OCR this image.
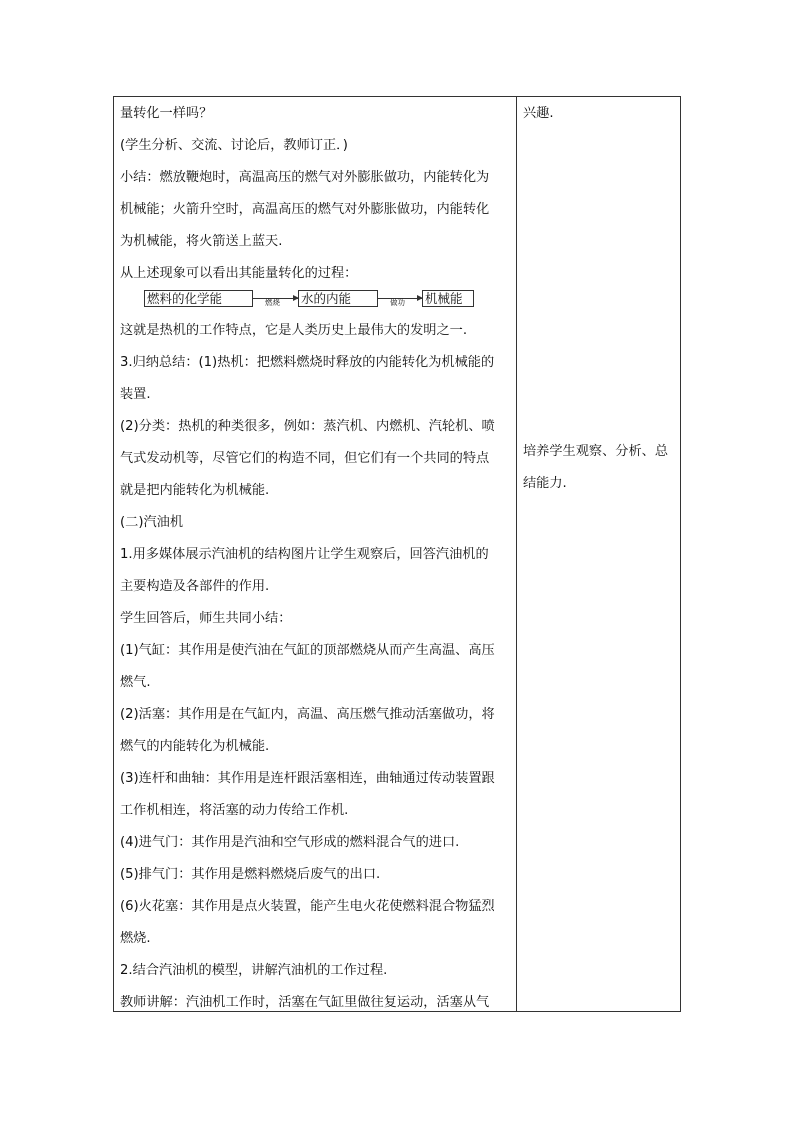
量转化一样吗？
(学生分析、交流、讨论后，教师订正．)
小结：燃放鞭炮时，高温高压的燃气对外膨胀做功，内能转化为
机械能；火箭升空时，高温高压的燃气对外膨胀做功，内能转化
为机械能，将火箭送上蓝天.
从上述现象可以看出其能量转化的过程：
燃料的化学能	燃烧 水的内能	做功 机械能
这就是热机的工作特点，它是人类历史上最伟大的发明之一.
3.归纳总结：(1)热机：把燃料燃烧时释放的内能转化为机械能的
装置.
(2)分类：热机的种类很多，例如：蒸汽机、内燃机、汽轮机、喷
气式发动机等，尽管它们的构造不同，但它们有一个共同的特点
就是把内能转化为机械能.
(二)汽油机
1.用多媒体展示汽油机的结构图片让学生观察后，回答汽油机的
主要构造及各部件的作用.
学生回答后，师生共同小结：
(1)气缸：其作用是使汽油在气缸的顶部燃烧从而产生高温、高压
燃气.
(2)活塞：其作用是在气缸内，高温、高压燃气推动活塞做功，将
燃气的内能转化为机械能.
(3)连杆和曲轴：其作用是连杆跟活塞相连，曲轴通过传动装置跟
工作机相连，将活塞的动力传给工作机.
(4)进气门：其作用是汽油和空气形成的燃料混合气的进口.
(5)排气门：其作用是燃料燃烧后废气的出口.
(6)火花塞：其作用是点火装置，能产生电火花使燃料混合物猛烈
燃烧.
2.结合汽油机的模型，讲解汽油机的工作过程.
教师讲解：汽油机工作时，活塞在气缸里做往复运动，活塞从气
兴趣.
培养学生观察、分析、总
结能力.
